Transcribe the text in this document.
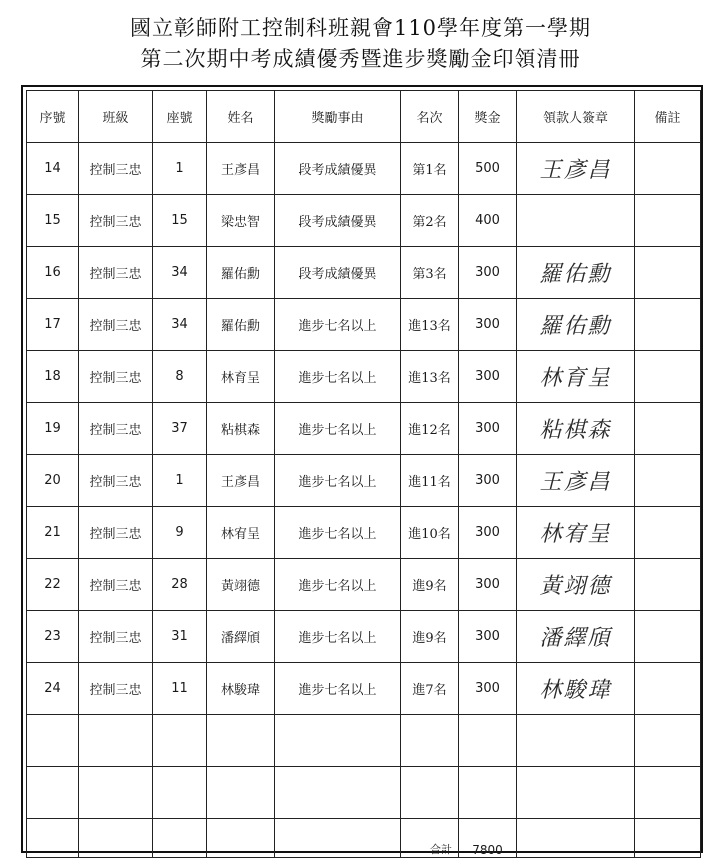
國立彰師附工控制科班親會110學年度第一學期
第二次期中考成績優秀暨進步獎勵金印領清冊
序號	班級	座號	姓名	獎勵事由	名次	獎金	領款人簽章	備註
14	控制三忠	1	王彥昌	段考成績優異	第1名	500	王彥昌	
15	控制三忠	15	梁忠智	段考成績優異	第2名	400		
16	控制三忠	34	羅佑勳	段考成績優異	第3名	300	羅佑勳	
17	控制三忠	34	羅佑勳	進步七名以上	進13名	300	羅佑勳	
18	控制三忠	8	林育呈	進步七名以上	進13名	300	林育呈	
19	控制三忠	37	粘棋森	進步七名以上	進12名	300	粘棋森	
20	控制三忠	1	王彥昌	進步七名以上	進11名	300	王彥昌	
21	控制三忠	9	林宥呈	進步七名以上	進10名	300	林宥呈	
22	控制三忠	28	黃翊德	進步七名以上	進9名	300	黃翊德	
23	控制三忠	31	潘繹頎	進步七名以上	進9名	300	潘繹頎	
24	控制三忠	11	林駿瑋	進步七名以上	進7名	300	林駿瑋	

					合計	7800		
